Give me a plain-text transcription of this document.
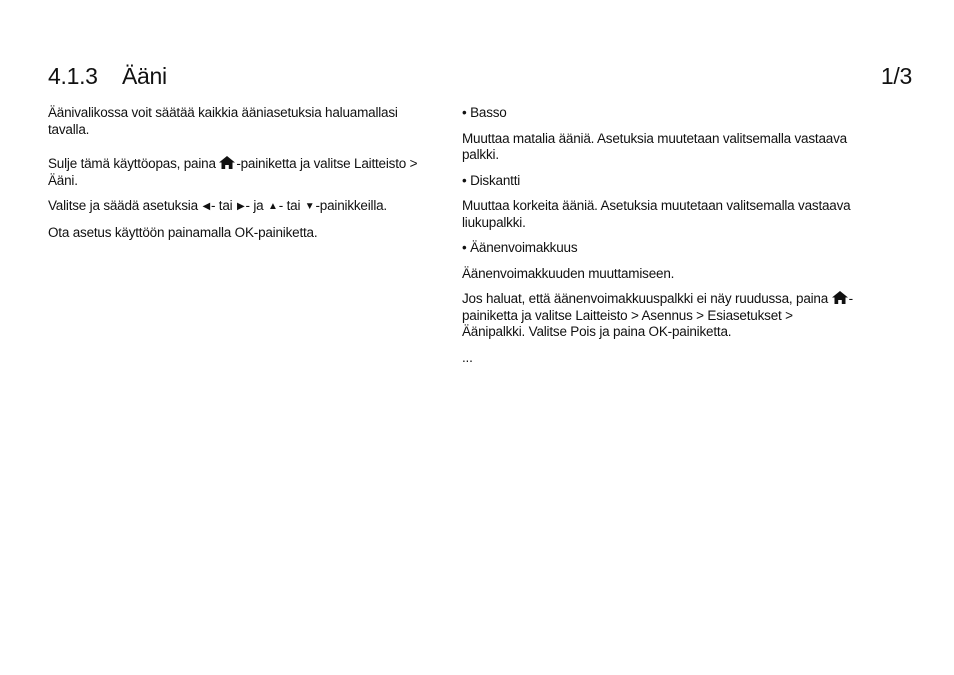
4.1.3 Ääni	1/3

Äänivalikossa voit säätää kaikkia ääniasetuksia haluamallasi tavalla.

Sulje tämä käyttöopas, paina
-painiketta ja valitse Laitteisto > Ääni.

Valitse ja säädä asetuksia ◀- tai ▶- ja ▲- tai ▼-painikkeilla.

Ota asetus käyttöön painamalla OK-painiketta.

• Basso

Muuttaa matalia ääniä. Asetuksia muutetaan valitsemalla vastaava palkki.

• Diskantti

Muuttaa korkeita ääniä. Asetuksia muutetaan valitsemalla vastaava liukupalkki.

• Äänenvoimakkuus

Äänenvoimakkuuden muuttamiseen.

Jos haluat, että äänenvoimakkuuspalkki ei näy ruudussa, paina
-painiketta ja valitse Laitteisto > Asennus > Esiasetukset > Äänipalkki. Valitse Pois ja paina OK-painiketta.

...
